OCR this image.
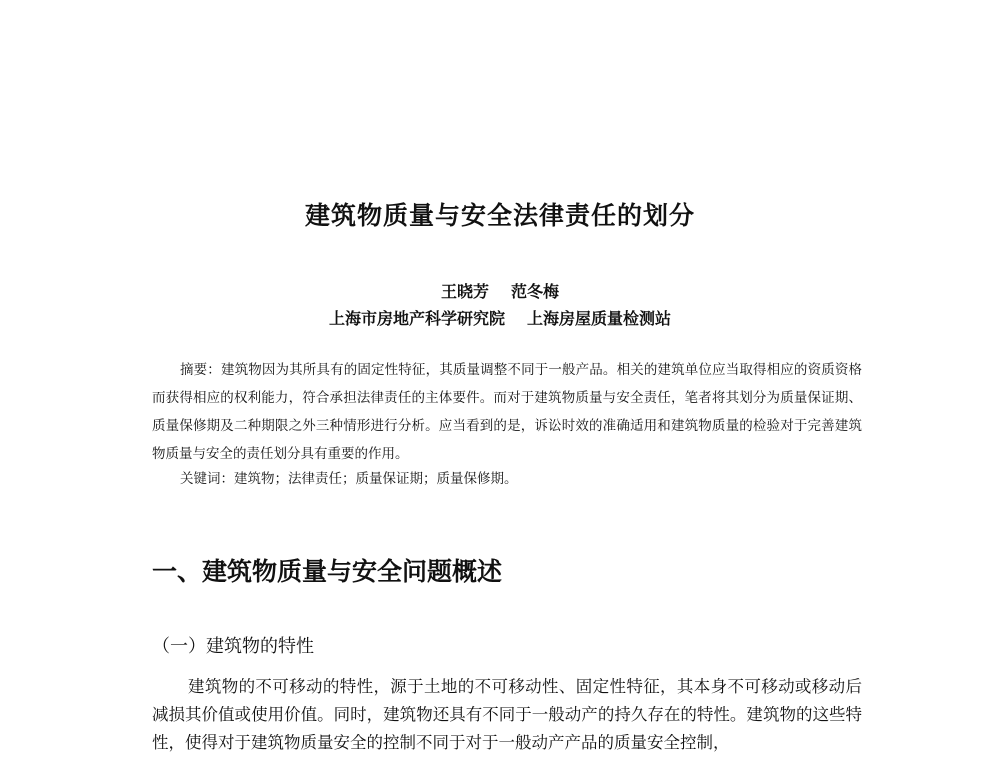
建筑物质量与安全法律责任的划分
王晓芳 范冬梅
上海市房地产科学研究院 上海房屋质量检测站
摘要：建筑物因为其所具有的固定性特征，其质量调整不同于一般产品。相关的建筑单位应当取得相应的资质资格而获得相应的权利能力，符合承担法律责任的主体要件。而对于建筑物质量与安全责任，笔者将其划分为质量保证期、质量保修期及二种期限之外三种情形进行分析。应当看到的是，诉讼时效的准确适用和建筑物质量的检验对于完善建筑物质量与安全的责任划分具有重要的作用。
关键词：建筑物；法律责任；质量保证期；质量保修期。
一、建筑物质量与安全问题概述
（一）建筑物的特性
建筑物的不可移动的特性，源于土地的不可移动性、固定性特征，其本身不可移动或移动后减损其价值或使用价值。同时，建筑物还具有不同于一般动产的持久存在的特性。建筑物的这些特性，使得对于建筑物质量安全的控制不同于对于一般动产产品的质量安全控制，
